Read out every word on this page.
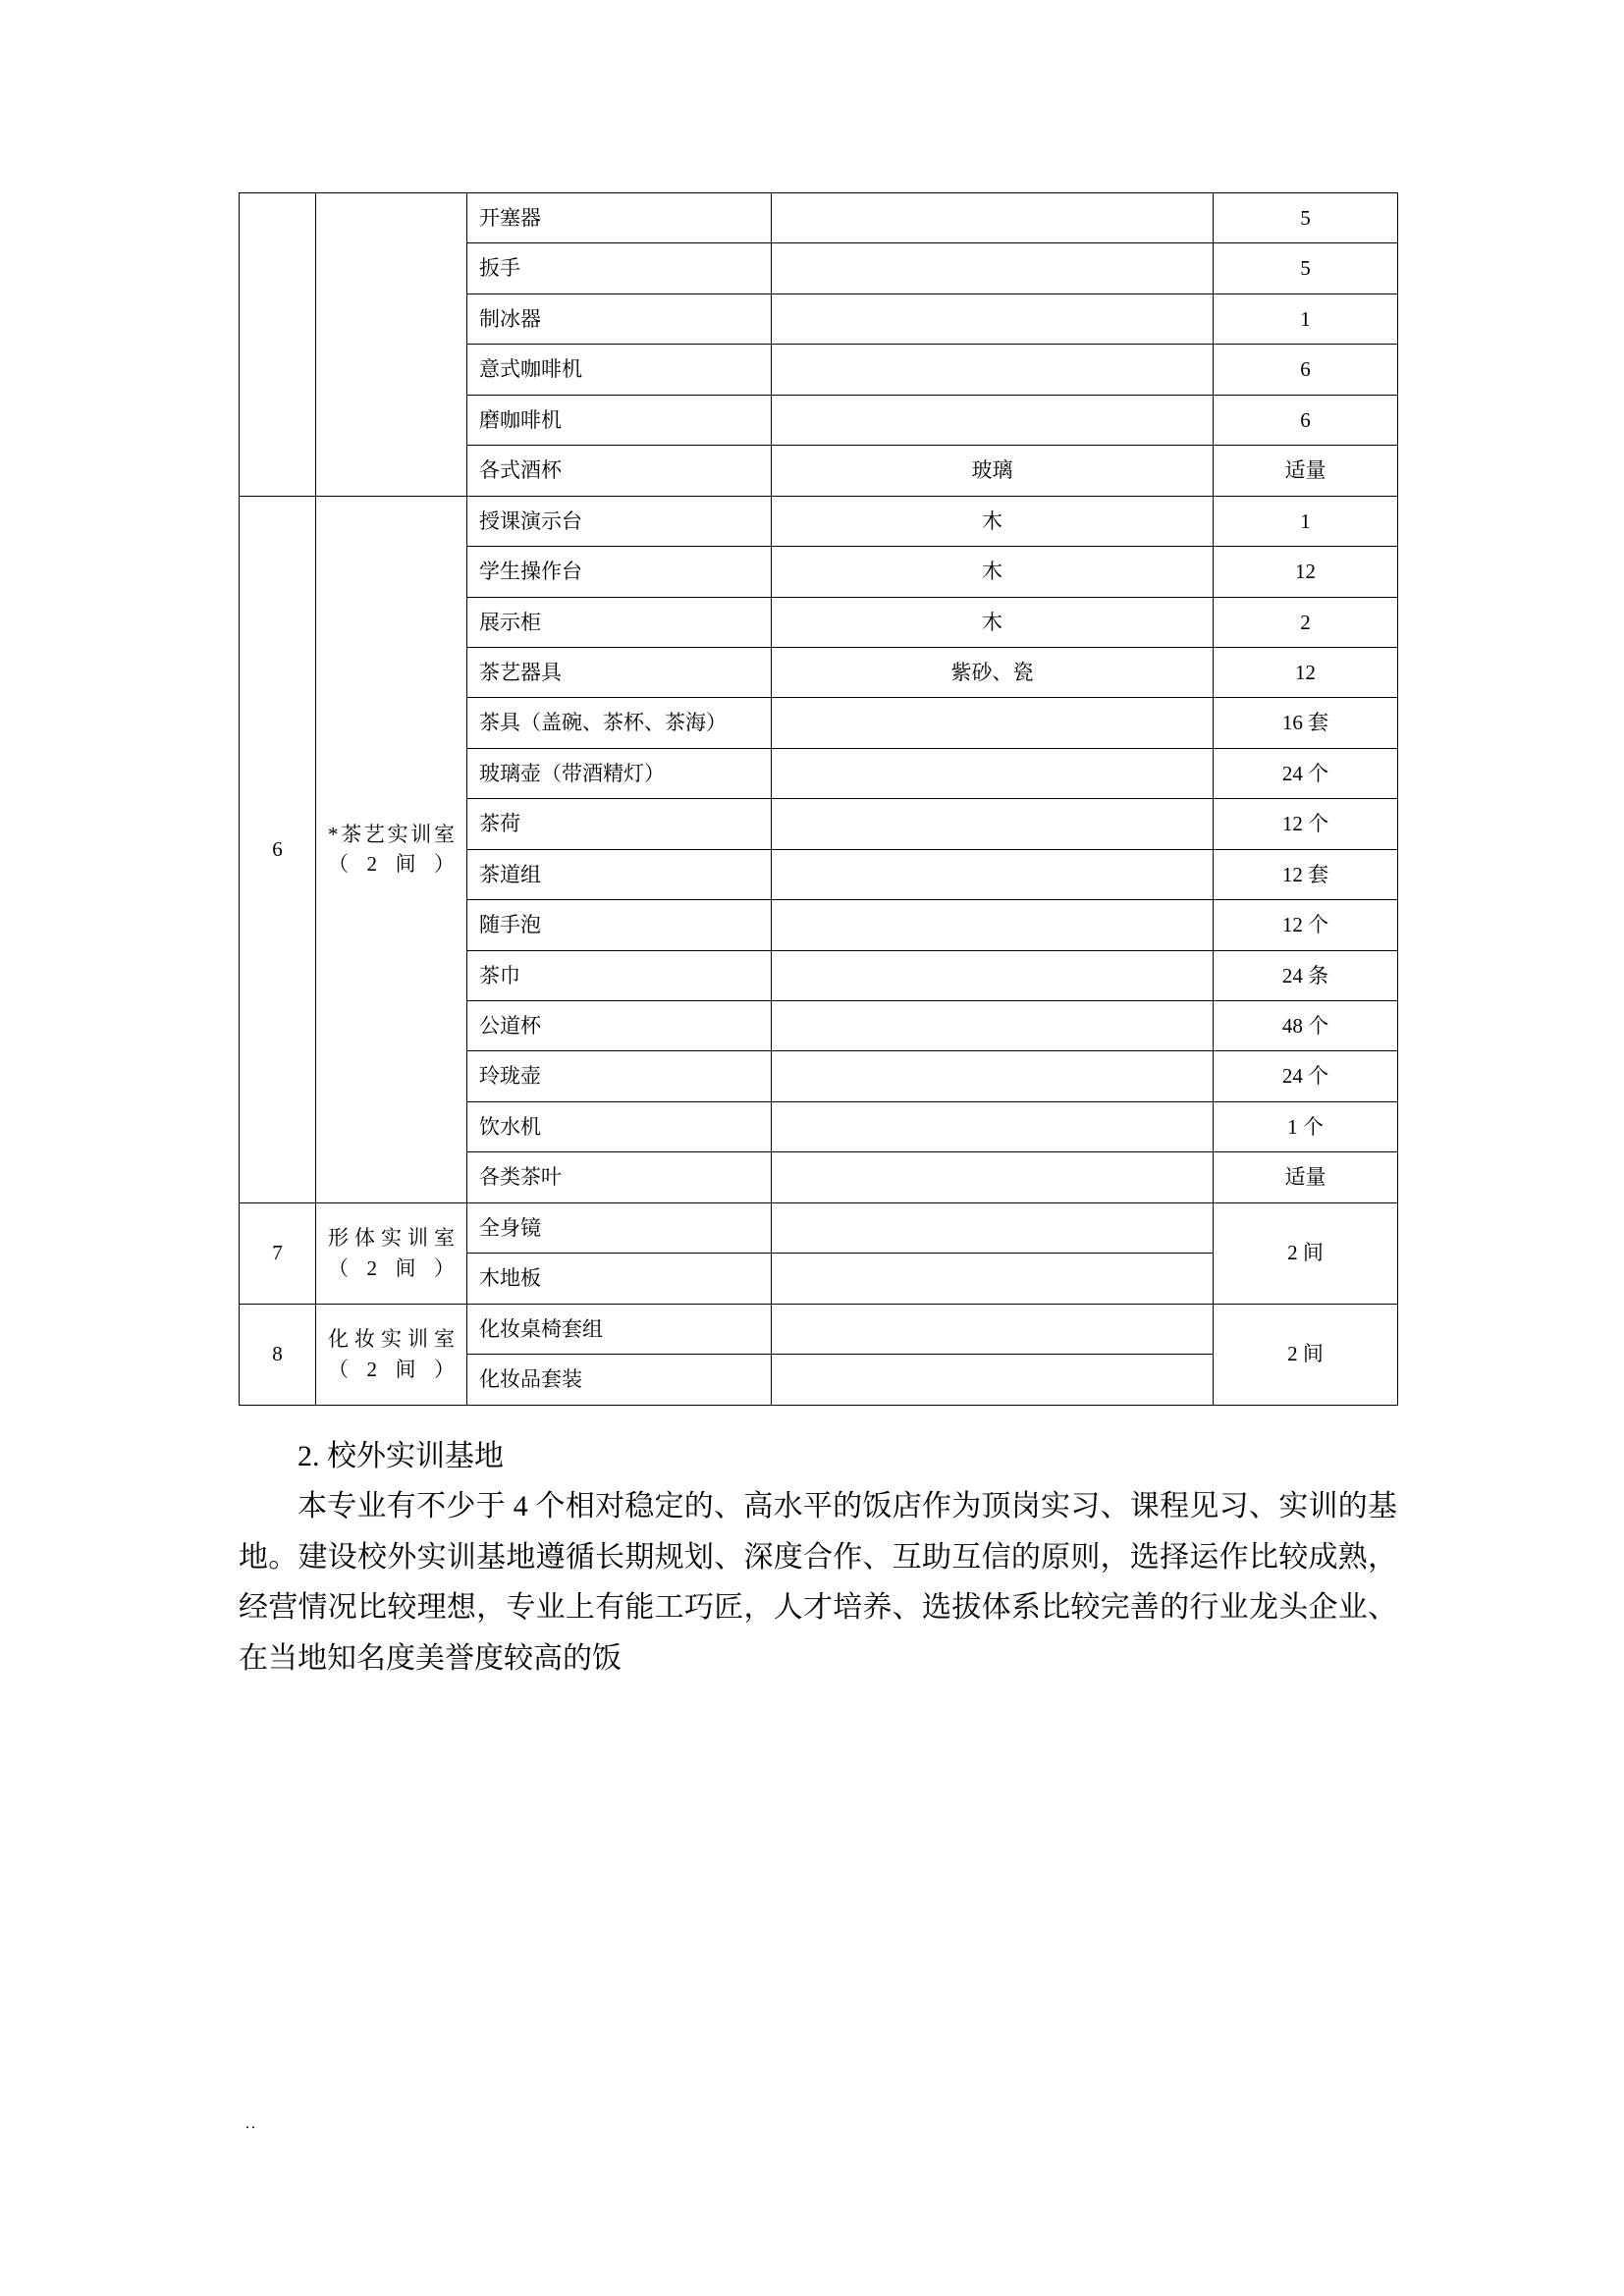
		开塞器		5
		扳手		5
		制冰器		1
		意式咖啡机		6
		磨咖啡机		6
		各式酒杯	玻璃	适量
6	*茶艺实训室（2间）	授课演示台	木	1
		学生操作台	木	12
		展示柜	木	2
		茶艺器具	紫砂、瓷	12
		茶具（盖碗、茶杯、茶海）		16 套
		玻璃壶（带酒精灯）		24 个
		茶荷		12 个
		茶道组		12 套
		随手泡		12 个
		茶巾		24 条
		公道杯		48 个
		玲珑壶		24 个
		饮水机		1 个
		各类茶叶		适量
7	形体实训室（2间）	全身镜		2 间
		木地板		
8	化妆实训室（2间）	化妆桌椅套组		2 间
		化妆品套装		

2. 校外实训基地

本专业有不少于 4 个相对稳定的、高水平的饭店作为顶岗实习、课程见习、实训的基地。建设校外实训基地遵循长期规划、深度合作、互助互信的原则，选择运作比较成熟，经营情况比较理想，专业上有能工巧匠，人才培养、选拔体系比较完善的行业龙头企业、在当地知名度美誉度较高的饭

..
